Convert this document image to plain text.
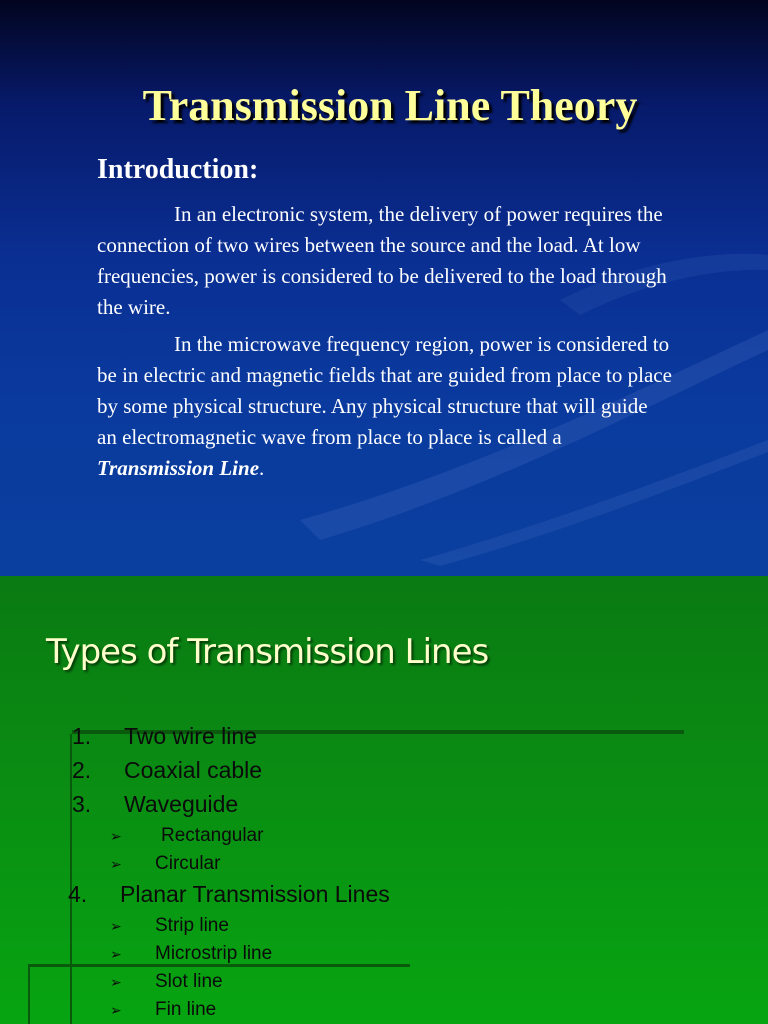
Transmission Line Theory
Introduction:

In an electronic system, the delivery of power requires the connection of two wires between the source and the load. At low frequencies, power is considered to be delivered to the load through the wire.

In the microwave frequency region, power is considered to be in electric and magnetic fields that are guided from place to place by some physical structure. Any physical structure that will guide an electromagnetic wave from place to place is called a Transmission Line.

Types of Transmission Lines
1. Two wire line
2. Coaxial cable
3. Waveguide
➢ Rectangular
➢ Circular
4. Planar Transmission Lines
➢ Strip line
➢ Microstrip line
➢ Slot line
➢ Fin line
